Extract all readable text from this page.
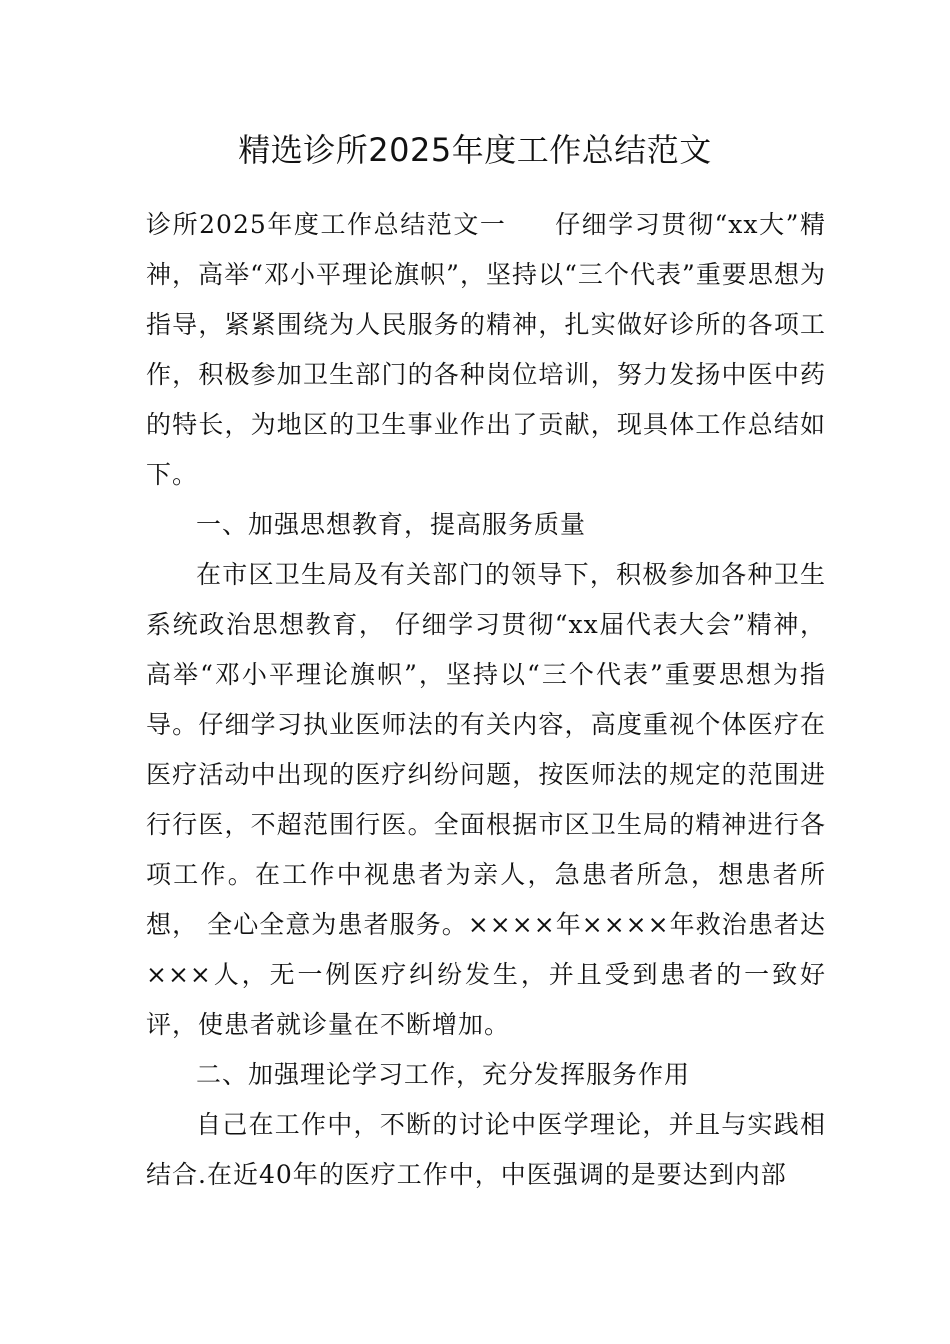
精选诊所2025年度工作总结范文

诊所2025年度工作总结范文一 仔细学习贯彻“xx大”精神，高举“邓小平理论旗帜”，坚持以“三个代表”重要思想为指导，紧紧围绕为人民服务的精神，扎实做好诊所的各项工作，积极参加卫生部门的各种岗位培训，努力发扬中医中药的特长，为地区的卫生事业作出了贡献，现具体工作总结如下。

一、加强思想教育，提高服务质量

在市区卫生局及有关部门的领导下，积极参加各种卫生系统政治思想教育， 仔细学习贯彻“xx届代表大会”精神，高举“邓小平理论旗帜”，坚持以“三个代表”重要思想为指导。仔细学习执业医师法的有关内容，高度重视个体医疗在医疗活动中出现的医疗纠纷问题，按医师法的规定的范围进行行医，不超范围行医。全面根据市区卫生局的精神进行各项工作。在工作中视患者为亲人，急患者所急，想患者所想， 全心全意为患者服务。××××年××××年救治患者达×××人，无一例医疗纠纷发生，并且受到患者的一致好评，使患者就诊量在不断增加。

二、加强理论学习工作，充分发挥服务作用

自己在工作中，不断的讨论中医学理论，并且与实践相结合.在近40年的医疗工作中，中医强调的是要达到内部
